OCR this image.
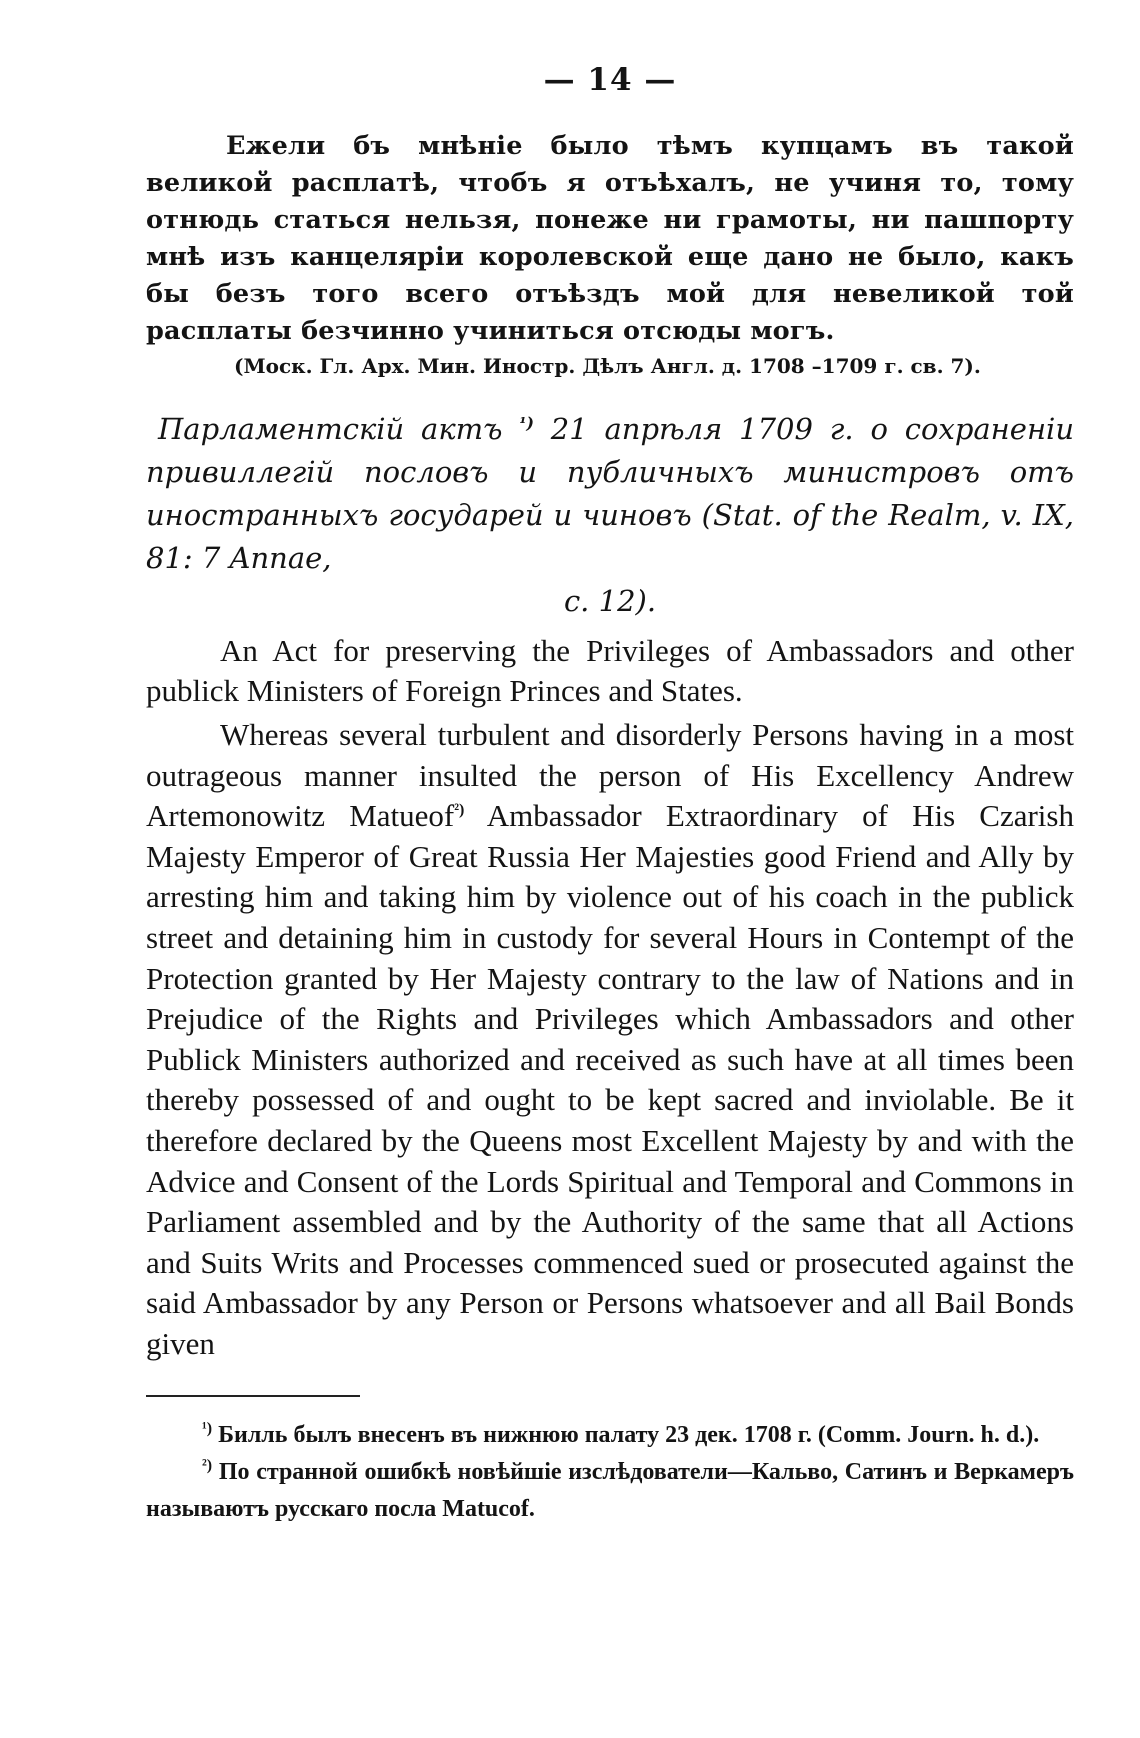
— 14 —

Ежели бъ мнѣніе было тѣмъ купцамъ въ такой великой расплатѣ, чтобъ я отъѣхалъ, не учиня то, тому отнюдь статься нельзя, понеже ни грамоты, ни пашпорту мнѣ изъ канцеляріи королевской еще дано не было, какъ бы безъ того всего отъѣздъ мой для невеликой той расплаты безчинно учиниться отсюды могъ.

(Моск. Гл. Арх. Мин. Иностр. Дѣлъ Англ. д. 1708 –1709 г. св. 7).

Парламентскій актъ $^{^1)}$ 21 апрѣля 1709 г. о сохраненіи привиллегій пословъ и публичныхъ министровъ отъ иностранныхъ государей и чиновъ (Stat. of the Realm, v. IX, 81: 7 Annae,

c. 12).

An Act for preserving the Privileges of Ambassadors and other publick Ministers of Foreign Princes and States.

Whereas several turbulent and disorderly Persons having in a most outrageous manner insulted the person of His Excellency Andrew Artemonowitz Matueof$^{^2)}$ Ambassador Extraordinary of His Czarish Majesty Emperor of Great Russia Her Majesties good Friend and Ally by arresting him and taking him by violence out of his coach in the publick street and detaining him in custody for several Hours in Contempt of the Protection granted by Her Majesty contrary to the law of Nations and in Prejudice of the Rights and Privileges which Ambassadors and other Publick Ministers authorized and received as such have at all times been thereby possessed of and ought to be kept sacred and inviolable. Be it therefore declared by the Queens most Excellent Majesty by and with the Advice and Consent of the Lords Spiritual and Temporal and Commons in Parliament assembled and by the Authority of the same that all Actions and Suits Writs and Processes commenced sued or prosecuted against the said Ambassador by any Person or Persons whatsoever and all Bail Bonds given

$^{^1)}$ Билль былъ внесенъ въ нижнюю палату 23 дек. 1708 г. (Comm. Journ. h. d.).

$^{^2)}$ По странной ошибкѣ новѣйшіе изслѣдователи—Кальво, Сатинъ и Веркамеръ называютъ русскаго посла Matucof.
